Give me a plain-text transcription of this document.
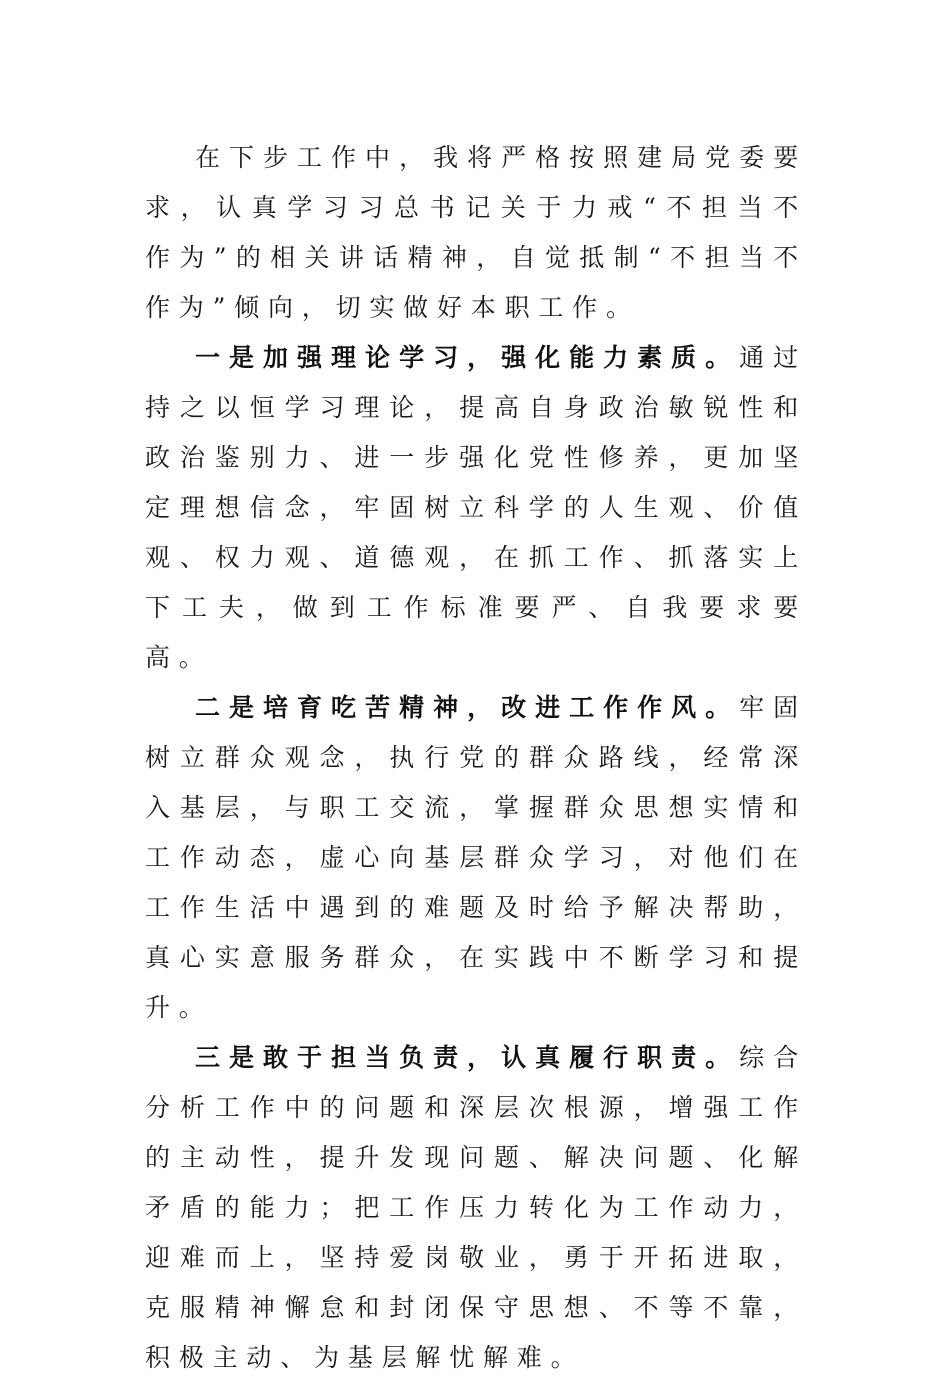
在下步工作中，我将严格按照建局党委要求，认真学习习总书记关于力戒“不担当不作为”的相关讲话精神，自觉抵制“不担当不作为”倾向，切实做好本职工作。

一是加强理论学习，强化能力素质。通过持之以恒学习理论，提高自身政治敏锐性和政治鉴别力、进一步强化党性修养，更加坚定理想信念，牢固树立科学的人生观、价值观、权力观、道德观，在抓工作、抓落实上下工夫，做到工作标准要严、自我要求要高。

二是培育吃苦精神，改进工作作风。牢固树立群众观念，执行党的群众路线，经常深入基层，与职工交流，掌握群众思想实情和工作动态，虚心向基层群众学习，对他们在工作生活中遇到的难题及时给予解决帮助，真心实意服务群众，在实践中不断学习和提升。

三是敢于担当负责，认真履行职责。综合分析工作中的问题和深层次根源，增强工作的主动性，提升发现问题、解决问题、化解矛盾的能力；把工作压力转化为工作动力，迎难而上，坚持爱岗敬业，勇于开拓进取，克服精神懈怠和封闭保守思想、不等不靠，积极主动、为基层解忧解难。
